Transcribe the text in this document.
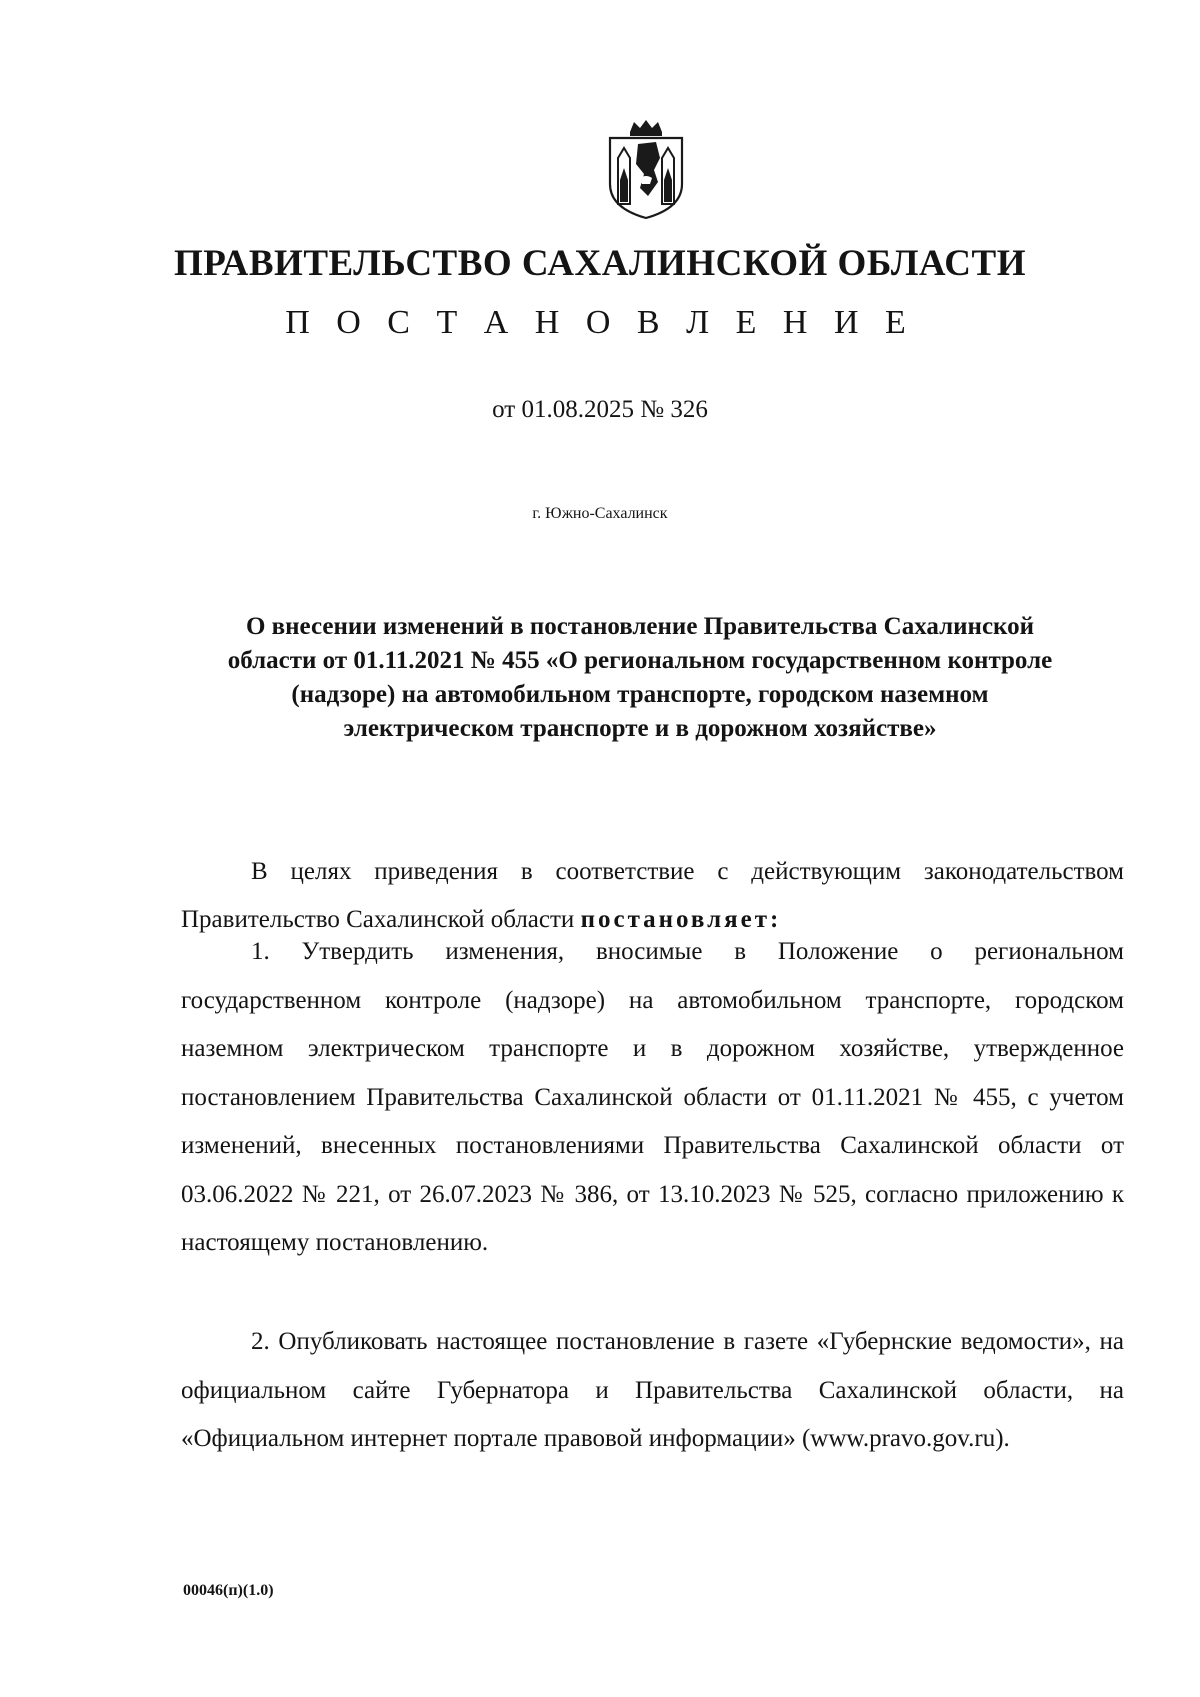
ПРАВИТЕЛЬСТВО САХАЛИНСКОЙ ОБЛАСТИ
П О С Т А Н О В Л Е Н И Е
от 01.08.2025 № 326
г. Южно-Сахалинск
О внесении изменений в постановление Правительства Сахалинской
области от 01.11.2021 № 455 «О региональном государственном контроле
(надзоре) на автомобильном транспорте, городском наземном
электрическом транспорте и в дорожном хозяйстве»
В целях приведения в соответствие с действующим законодательством Правительство Сахалинской области постановляет:
1. Утвердить изменения, вносимые в Положение о региональном государственном контроле (надзоре) на автомобильном транспорте, городском наземном электрическом транспорте и в дорожном хозяйстве, утвержденное постановлением Правительства Сахалинской области от 01.11.2021 № 455, с учетом изменений, внесенных постановлениями Правительства Сахалинской области от 03.06.2022 № 221, от 26.07.2023 № 386, от 13.10.2023 № 525, согласно приложению к настоящему постановлению.
2. Опубликовать настоящее постановление в газете «Губернские ведомости», на официальном сайте Губернатора и Правительства Сахалинской области, на «Официальном интернет портале правовой информации» (www.pravo.gov.ru).
00046(п)(1.0)
